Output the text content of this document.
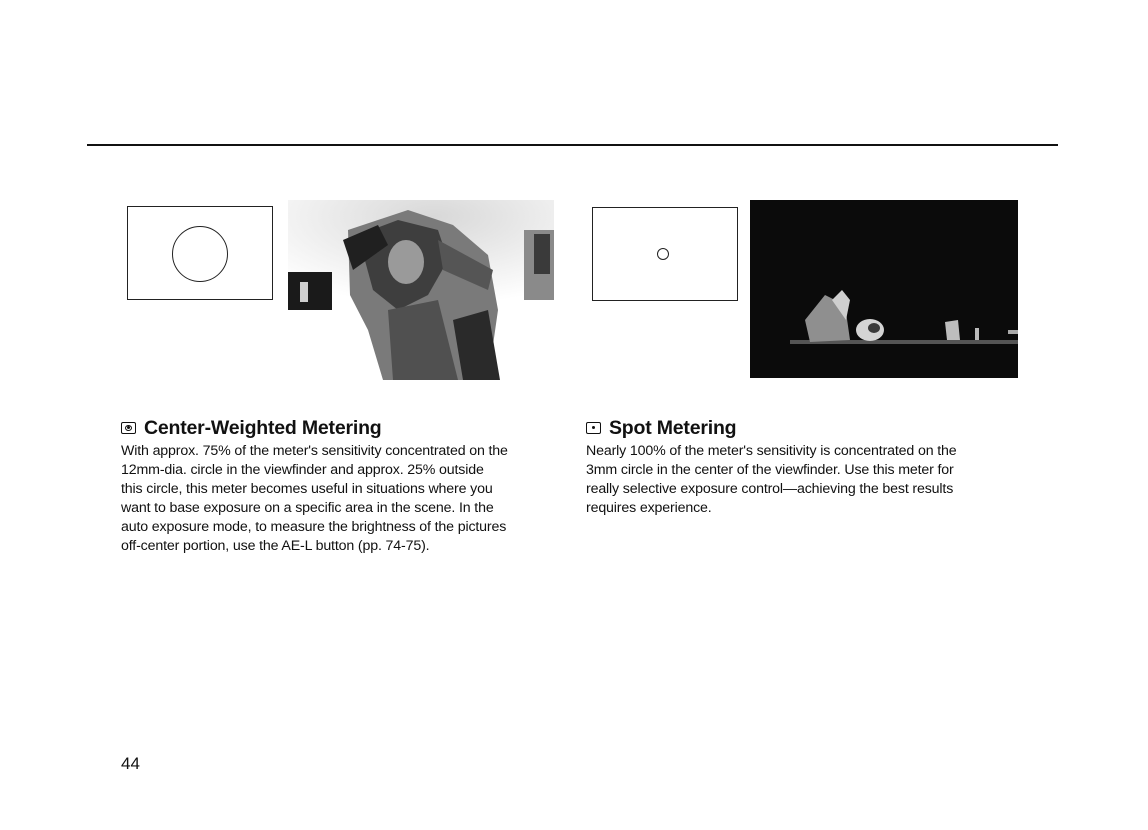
Center-Weighted Metering

With approx. 75% of the meter's sensitivity concentrated on the

12mm-dia. circle in the viewfinder and approx. 25% outside

this circle, this meter becomes useful in situations where you

want to base exposure on a specific area in the scene. In the

auto exposure mode, to measure the brightness of the pictures

off-center portion, use the AE-L button (pp. 74-75).

Spot Metering

Nearly 100% of the meter's sensitivity is concentrated on the

3mm circle in the center of the viewfinder. Use this meter for

really selective exposure control—achieving the best results

requires experience.

44
